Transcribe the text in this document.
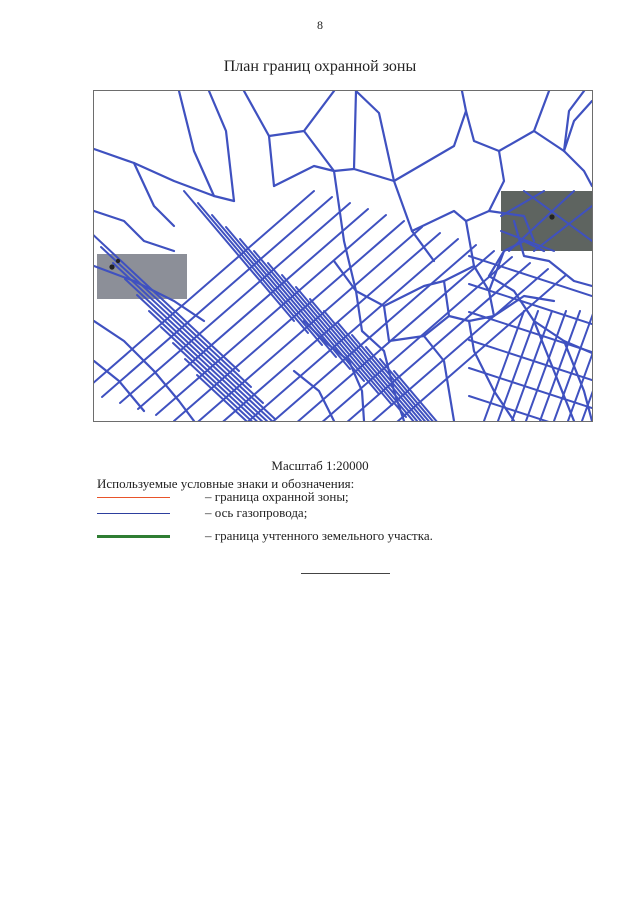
8
План границ охранной зоны
Масштаб 1:20000
Используемые условные знаки и обозначения:
– граница охранной зоны;
– ось газопровода;
– граница учтенного земельного участка.
